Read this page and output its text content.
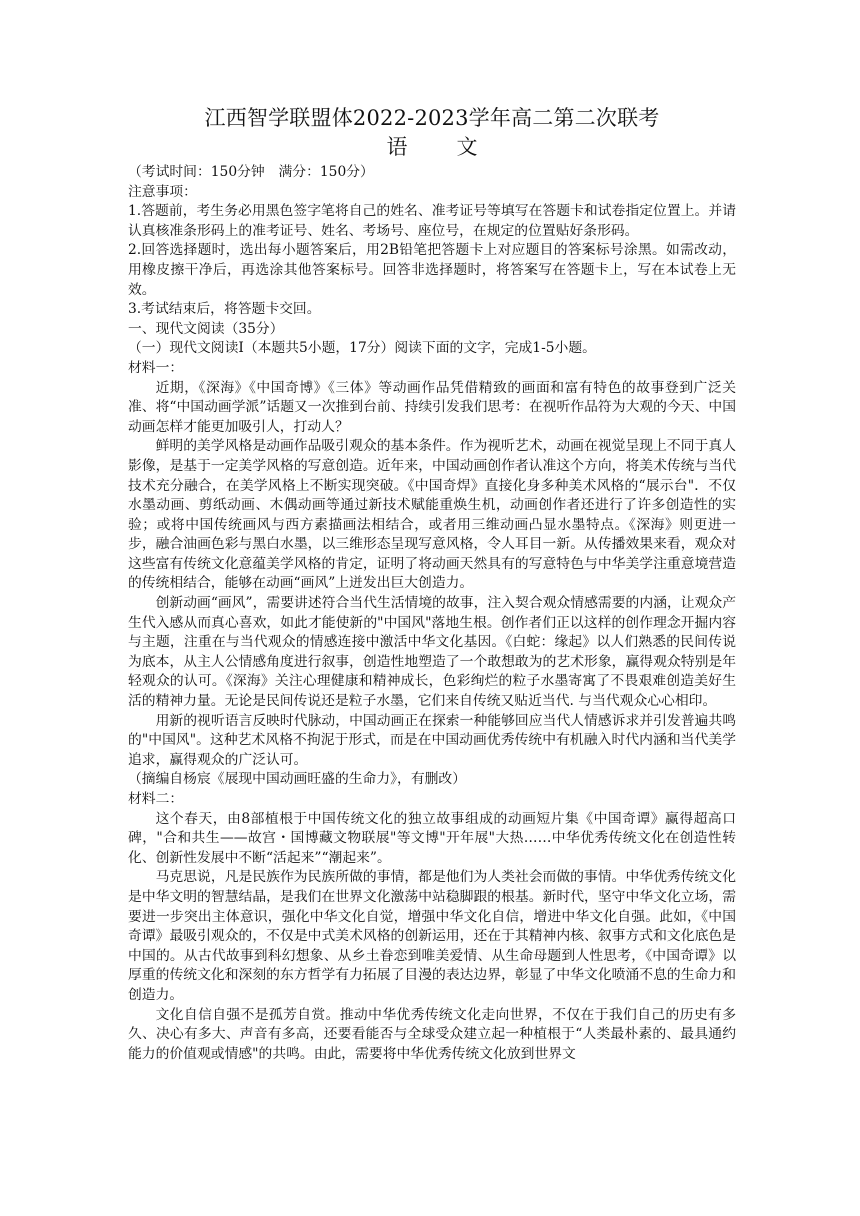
江西智学联盟体2022-2023学年高二第二次联考
语　文

（考试时间：150分钟　满分：150分）

注意事项：

1.答题前，考生务必用黑色签字笔将自己的姓名、准考证号等填写在答题卡和试卷指定位置上。并请认真核准条形码上的准考证号、姓名、考场号、座位号，在规定的位置贴好条形码。

2.回答选择题时，选出每小题答案后，用2B铅笔把答题卡上对应题目的答案标号涂黑。如需改动，用橡皮擦干净后，再选涂其他答案标号。回答非选择题时，将答案写在答题卡上，写在本试卷上无效。

3.考试结束后，将答题卡交回。

一、现代文阅读（35分）

（一）现代文阅读Ⅰ（本题共5小题，17分）阅读下面的文字，完成1-5小题。

材料一：

近期，《深海》《中国奇博》《三体》等动画作品凭借精致的画面和富有特色的故事登到广泛关准、将“中国动画学派”话题又一次推到台前、持续引发我们思考：在视听作品符为大观的今天、中国动画怎样才能更加吸引人，打动人？

鲜明的美学风格是动画作品吸引观众的基本条件。作为视听艺术，动画在视觉呈现上不同于真人影像，是基于一定美学风格的写意创造。近年来，中国动画创作者认准这个方向，将美术传统与当代技术充分融合，在美学风格上不断实现突破。《中国奇焊》直接化身多种美术风格的“展示台"．不仅水墨动画、剪纸动画、木偶动画等通过新技术赋能重焕生机，动画创作者还进行了许多创造性的实验；或将中国传统画风与西方素描画法相结合，或者用三维动画凸显水墨特点。《深海》则更进一步，融合油画色彩与黑白水墨，以三维形态呈现写意风格，令人耳目一新。从传播效果来看，观众对这些富有传统文化意蕴美学风格的肯定，证明了将动画天然具有的写意特色与中华美学注重意境营造的传统相结合，能够在动画“画风”上迸发出巨大创造力。

创新动画“画风”，需要讲述符合当代生活情境的故事，注入契合观众情感需要的内涵，让观众产生代入感从而真心喜欢，如此才能使新的"中国风"落地生根。创作者们正以这样的创作理念开掘内容与主题，注重在与当代观众的情感连接中激活中华文化基因。《白蛇：缘起》以人们熟悉的民间传说为底本，从主人公情感角度进行叙事，创造性地塑造了一个敢想敢为的艺术形象，赢得观众特别是年轻观众的认可。《深海》关注心理健康和精神成长，色彩绚烂的粒子水墨寄寓了不畏艰难创造美好生活的精神力量。无论是民间传说还是粒子水墨，它们来自传统又贴近当代. 与当代观众心心相印。

用新的视听语言反映时代脉动，中国动画正在探索一种能够回应当代人情感诉求并引发普遍共鸣的"中国风"。这种艺术风格不拘泥于形式，而是在中国动画优秀传统中有机融入时代内涵和当代美学追求，赢得观众的广泛认可。

（摘编自杨宸《展现中国动画旺盛的生命力》，有删改）

材料二：

这个春天，由8部植根于中国传统文化的独立故事组成的动画短片集《中国奇谭》赢得超高口碑，"合和共生——故宫・国博藏文物联展"等文博"开年展"大热……中华优秀传统文化在创造性转化、创新性发展中不断“活起来”“潮起来”。

马克思说，凡是民族作为民族所做的事情，都是他们为人类社会而做的事情。中华优秀传统文化是中华文明的智慧结晶，是我们在世界文化激荡中站稳脚跟的根基。新时代，坚守中华文化立场，需要进一步突出主体意识，强化中华文化自觉，增强中华文化自信，增进中华文化自强。此如，《中国奇谭》最吸引观众的，不仅是中式美术风格的创新运用，还在于其精神内核、叙事方式和文化底色是中国的。从古代故事到科幻想象、从乡土眷恋到唯美爱情、从生命母题到人性思考，《中国奇谭》以厚重的传统文化和深刻的东方哲学有力拓展了目漫的表达边界，彰显了中华文化喷涌不息的生命力和创造力。

文化自信自强不是孤芳自赏。推动中华优秀传统文化走向世界，不仅在于我们自己的历史有多久、决心有多大、声音有多高，还要看能否与全球受众建立起一种植根于“人类最朴素的、最具通约能力的价值观或情感"的共鸣。由此，需要将中华优秀传统文化放到世界文
